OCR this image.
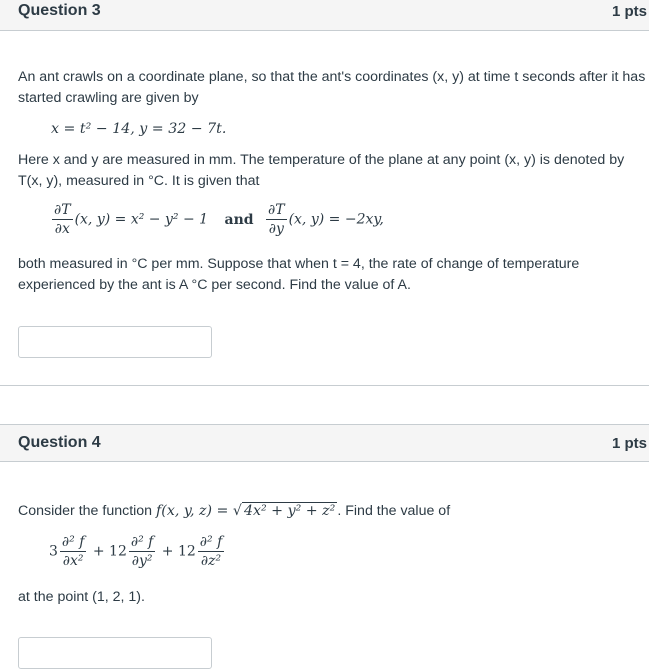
Question 3	1 pts
An ant crawls on a coordinate plane, so that the ant's coordinates (x, y) at time t seconds after it has
started crawling are given by
x = t² − 14, y = 32 − 7t.
Here x and y are measured in mm. The temperature of the plane at any point (x, y) is denoted by
T(x, y), measured in °C. It is given that
$\frac{\partial T}{\partial x} (x$, y) = x² − y² − 1 and $\frac{\partial T}{\partial y} (x$, y) = −2xy,
both measured in °C per mm. Suppose that when t = 4, the rate of change of temperature
experienced by the ant is A °C per second. Find the value of A.
Question 4	1 pts
Consider the function f(x, y, z) = √ 4x² + y² + z² . Find the value of
$3 \frac{\text{∂² f}}{\text{∂x²}} + 12 \frac{\text{∂² f}}{\text{∂y²}} + 12 \frac{\text{∂² f}}{\text{∂z²}}$
at the point (1, 2, 1).
